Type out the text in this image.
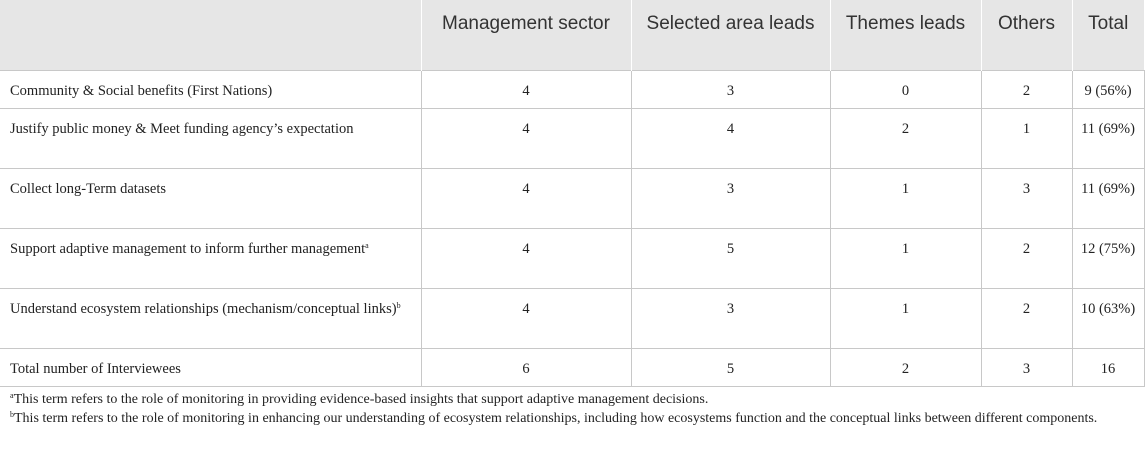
	Management sector	Selected area leads	Themes leads	Others	Total

Community & Social benefits (First Nations)	4	3	0	2	9 (56%)
Justify public money & Meet funding agency’s expectation	4	4	2	1	11 (69%)
Collect long-Term datasets	4	3	1	3	11 (69%)
Support adaptive management to inform further management$^a$	4	5	1	2	12 (75%)
Understand ecosystem relationships (mechanism/conceptual links)$^b$	4	3	1	2	10 (63%)
Total number of Interviewees	6	5	2	3	16

$^a$This term refers to the role of monitoring in providing evidence-based insights that support adaptive management decisions.

$^b$This term refers to the role of monitoring in enhancing our understanding of ecosystem relationships, including how ecosystems function and the conceptual links between different components.
